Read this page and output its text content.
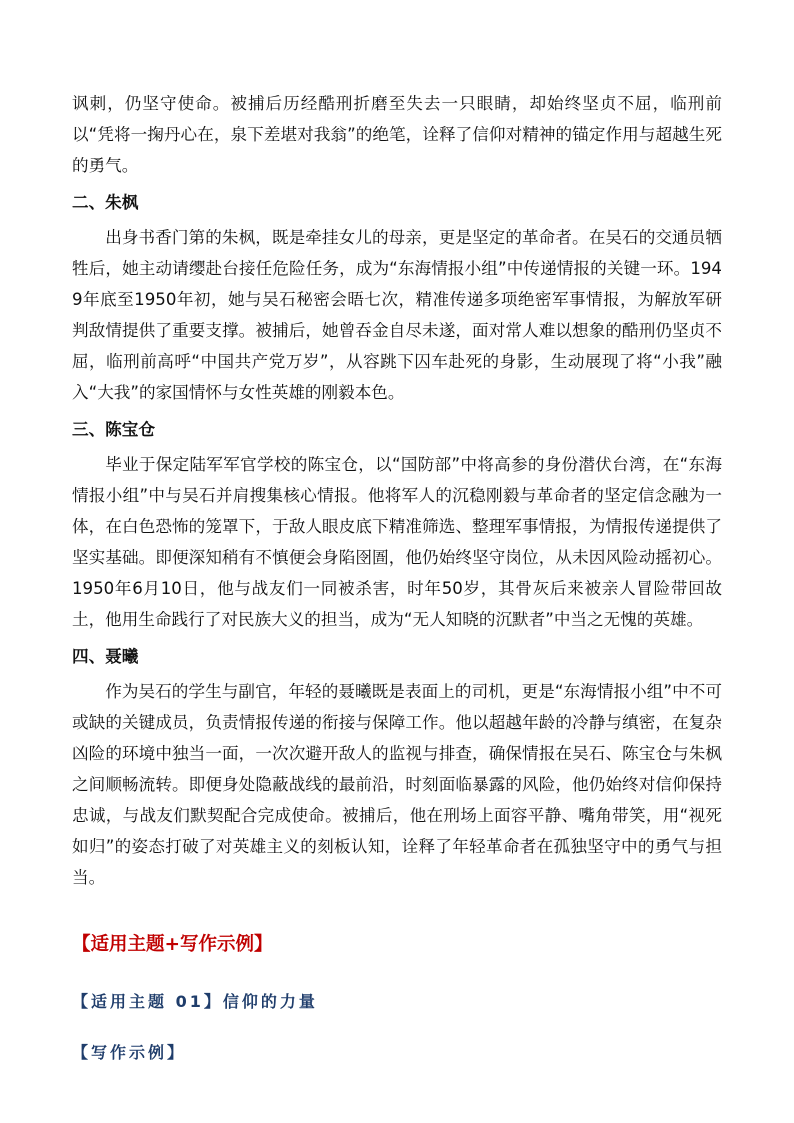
讽刺，仍坚守使命。被捕后历经酷刑折磨至失去一只眼睛，却始终坚贞不屈，临刑前以“凭将一掬丹心在，泉下差堪对我翁”的绝笔，诠释了信仰对精神的锚定作用与超越生死的勇气。

二、朱枫

出身书香门第的朱枫，既是牵挂女儿的母亲，更是坚定的革命者。在吴石的交通员牺牲后，她主动请缨赴台接任危险任务，成为“东海情报小组”中传递情报的关键一环。1949年底至1950年初，她与吴石秘密会晤七次，精准传递多项绝密军事情报，为解放军研判敌情提供了重要支撑。被捕后，她曾吞金自尽未遂，面对常人难以想象的酷刑仍坚贞不屈，临刑前高呼“中国共产党万岁”，从容跳下囚车赴死的身影，生动展现了将“小我”融入“大我”的家国情怀与女性英雄的刚毅本色。

三、陈宝仓

毕业于保定陆军军官学校的陈宝仓，以“国防部”中将高参的身份潜伏台湾，在“东海情报小组”中与吴石并肩搜集核心情报。他将军人的沉稳刚毅与革命者的坚定信念融为一体，在白色恐怖的笼罩下，于敌人眼皮底下精准筛选、整理军事情报，为情报传递提供了坚实基础。即便深知稍有不慎便会身陷囹圄，他仍始终坚守岗位，从未因风险动摇初心。1950年6月10日，他与战友们一同被杀害，时年50岁，其骨灰后来被亲人冒险带回故土，他用生命践行了对民族大义的担当，成为“无人知晓的沉默者”中当之无愧的英雄。

四、聂曦

作为吴石的学生与副官，年轻的聂曦既是表面上的司机，更是“东海情报小组”中不可或缺的关键成员，负责情报传递的衔接与保障工作。他以超越年龄的冷静与缜密，在复杂凶险的环境中独当一面，一次次避开敌人的监视与排查，确保情报在吴石、陈宝仓与朱枫之间顺畅流转。即便身处隐蔽战线的最前沿，时刻面临暴露的风险，他仍始终对信仰保持忠诚，与战友们默契配合完成使命。被捕后，他在刑场上面容平静、嘴角带笑，用“视死如归”的姿态打破了对英雄主义的刻板认知，诠释了年轻革命者在孤独坚守中的勇气与担当。

【适用主题+写作示例】
【适用主题 01】信仰的力量
【写作示例】
